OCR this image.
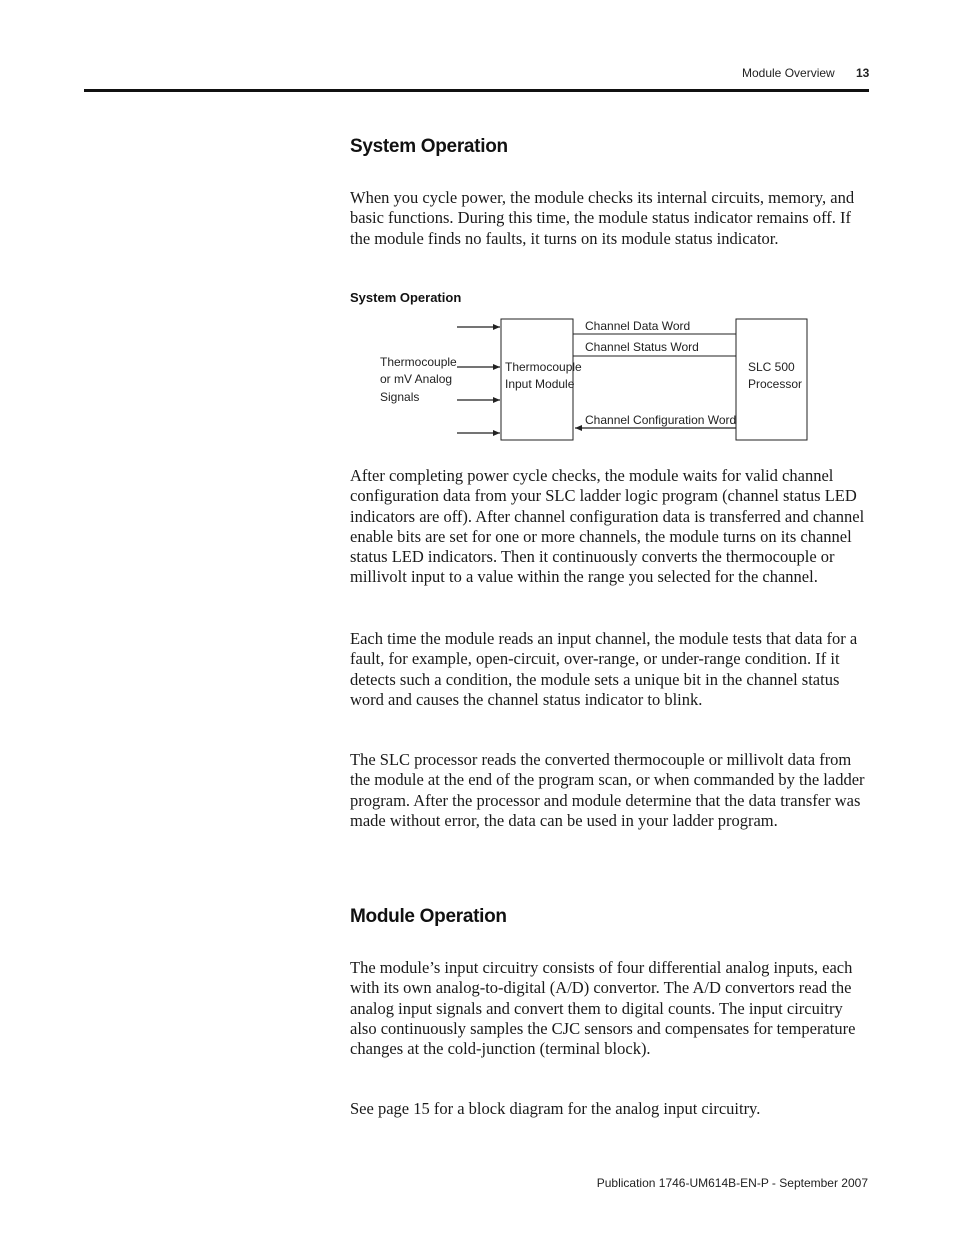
Module Overview 13
System Operation
When you cycle power, the module checks its internal circuits, memory, and basic functions. During this time, the module status indicator remains off. If the module finds no faults, it turns on its module status indicator.
System Operation
Thermocouple
or mV Analog
Signals
Thermocouple
Input Module
SLC 500
Processor
Channel Data Word
Channel Status Word
Channel Configuration Word
After completing power cycle checks, the module waits for valid channel configuration data from your SLC ladder logic program (channel status LED indicators are off). After channel configuration data is transferred and channel enable bits are set for one or more channels, the module turns on its channel status LED indicators. Then it continuously converts the thermocouple or millivolt input to a value within the range you selected for the channel.
Each time the module reads an input channel, the module tests that data for a fault, for example, open-circuit, over-range, or under-range condition. If it detects such a condition, the module sets a unique bit in the channel status word and causes the channel status indicator to blink.
The SLC processor reads the converted thermocouple or millivolt data from the module at the end of the program scan, or when commanded by the ladder program. After the processor and module determine that the data transfer was made without error, the data can be used in your ladder program.
Module Operation
The module’s input circuitry consists of four differential analog inputs, each with its own analog-to-digital (A/D) convertor. The A/D convertors read the analog input signals and convert them to digital counts. The input circuitry also continuously samples the CJC sensors and compensates for temperature changes at the cold-junction (terminal block).
See page 15 for a block diagram for the analog input circuitry.
Publication 1746-UM614B-EN-P - September 2007
